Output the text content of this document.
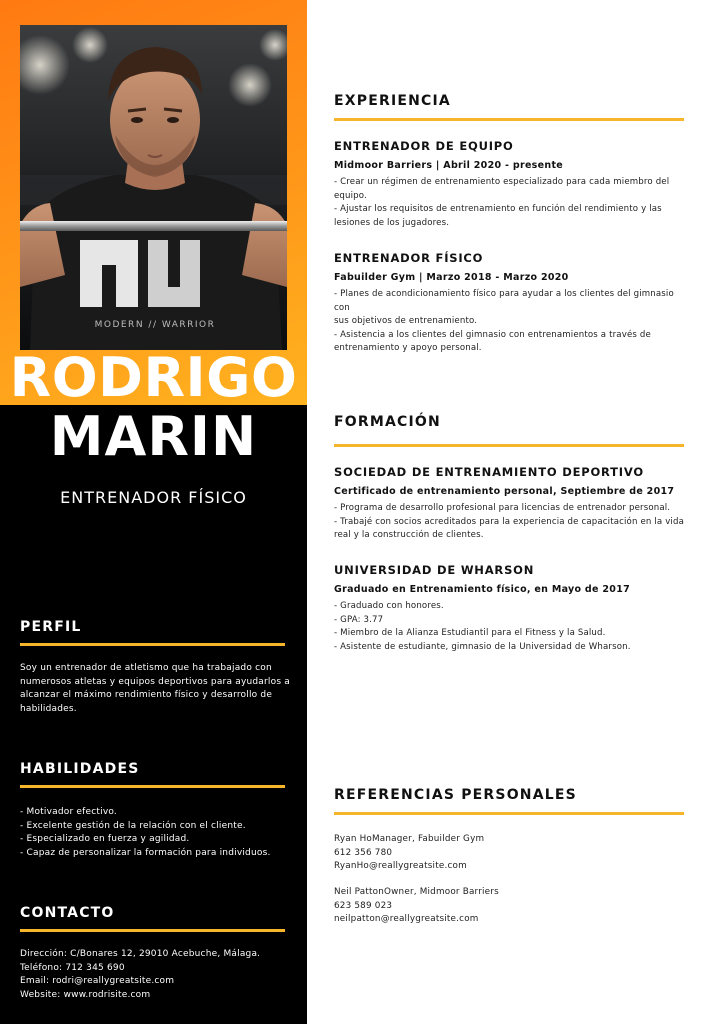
MODERN // WARRIOR
RODRIGO
MARIN
ENTRENADOR FÍSICO
PERFIL
Soy un entrenador de atletismo que ha trabajado con
numerosos atletas y equipos deportivos para ayudarlos a
alcanzar el máximo rendimiento físico y desarrollo de
habilidades.
HABILIDADES
- Motivador efectivo.
- Excelente gestión de la relación con el cliente.
- Especializado en fuerza y agilidad.
- Capaz de personalizar la formación para individuos.
CONTACTO
Dirección: C/Bonares 12, 29010 Acebuche, Málaga.
Teléfono: 712 345 690
Email: rodri@reallygreatsite.com
Website: www.rodrisite.com
EXPERIENCIA
ENTRENADOR DE EQUIPO
Midmoor Barriers | Abril 2020 - presente
- Crear un régimen de entrenamiento especializado para cada miembro del
equipo.
- Ajustar los requisitos de entrenamiento en función del rendimiento y las
lesiones de los jugadores.
ENTRENADOR FÍSICO
Fabuilder Gym | Marzo 2018 - Marzo 2020
- Planes de acondicionamiento físico para ayudar a los clientes del gimnasio con
sus objetivos de entrenamiento.
- Asistencia a los clientes del gimnasio con entrenamientos a través de
entrenamiento y apoyo personal.
FORMACIÓN
SOCIEDAD DE ENTRENAMIENTO DEPORTIVO
Certificado de entrenamiento personal, Septiembre de 2017
- Programa de desarrollo profesional para licencias de entrenador personal.
- Trabajé con socios acreditados para la experiencia de capacitación en la vida
real y la construcción de clientes.
UNIVERSIDAD DE WHARSON
Graduado en Entrenamiento físico, en Mayo de 2017
- Graduado con honores.
- GPA: 3.77
- Miembro de la Alianza Estudiantil para el Fitness y la Salud.
- Asistente de estudiante, gimnasio de la Universidad de Wharson.
REFERENCIAS PERSONALES
Ryan HoManager, Fabuilder Gym
612 356 780
RyanHo@reallygreatsite.com
Neil PattonOwner, Midmoor Barriers
623 589 023
neilpatton@reallygreatsite.com
